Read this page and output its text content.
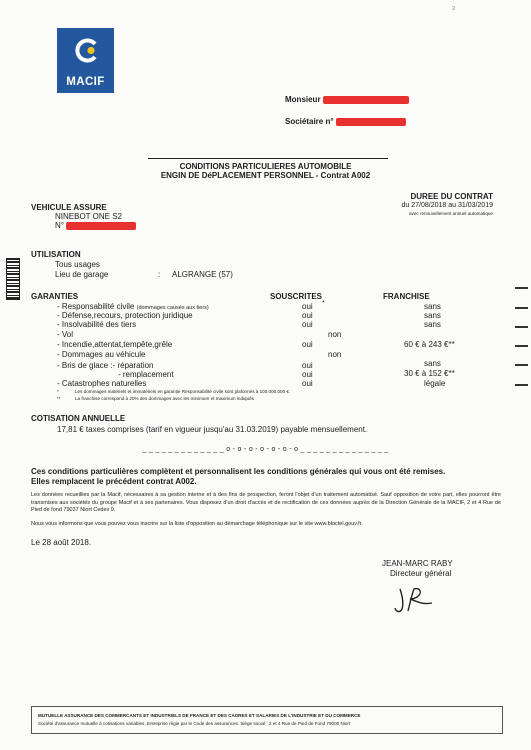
2
MACIF
Monsieur
Sociétaire n°
CONDITIONS PARTICULIERES AUTOMOBILE
ENGIN DE DéPLACEMENT PERSONNEL - Contrat A002
VEHICULE ASSURE
NINEBOT ONE S2
N°
DUREE DU CONTRAT
du 27/08/2018 au 31/03/2019
avec renouvellement annuel automatique
UTILISATION
Tous usages
Lieu de garage	: ALGRANGE (57)
GARANTIES	SOUSCRITES	FRANCHISE
- Responsabilité civile (dommages causés aux tiers)	oui *	sans
- Défense,recours, protection juridique	oui	sans
- Insolvabilité des tiers	oui	sans
- Vol	non
- Incendie,attentat,tempête,grêle	oui	60 € à 243 €**
- Dommages au véhicule	non
- Bris de glace :- réparation	oui	sans
- remplacement	oui	30 € à 152 €**
- Catastrophes naturelles	oui	légale
*	Les dommages matériels et immatériels en garantie Responsabilité civile sont plafonnés à 100.000.000 €.
**	La franchise correspond à 20% des dommages avec les minimum et maximum indiqués
COTISATION ANNUELLE
17,81 € taxes comprises (tarif en vigueur jusqu'au 31.03.2019) payable mensuellement.
_ _ _ _ _ _ _ _ _ _ _ _ _ o - o - o - o - o - o - o _ _ _ _ _ _ _ _ _ _ _ _ _ _
Ces conditions particulières complètent et personnalisent les conditions générales qui vous ont été remises.
Elles remplacent le précédent contrat A002.
Les données recueillies par la Macif, nécessaires à sa gestion interne et à des fins de prospection, feront l'objet d'un traitement automatisé. Sauf opposition de votre part, elles pourront être transmises aux sociétés du groupe Macif et à ses partenaires. Vous disposez d'un droit d'accès et de rectification de ces données auprès de la Direction Générale de la MACIF, 2 et 4 Rue de Pied de fond 79037 Niort Cedex 9.
Nous vous informons que vous pouvez vous inscrire sur la liste d'opposition au démarchage téléphonique sur le site www.bloctel.gouv.fr.
Le 28 août 2018.
JEAN-MARC RABY
Directeur général
MUTUELLE ASSURANCE DES COMMERCANTS ET INDUSTRIELS DE FRANCE ET DES CADRES ET SALARIES DE L'INDUSTRIE ET DU COMMERCE
Société d'assurance mutuelle à cotisations variables. Entreprise régie par le Code des assurances. Siège social : 2 et 4 Rue de Pied de Fond 79000 Niort
